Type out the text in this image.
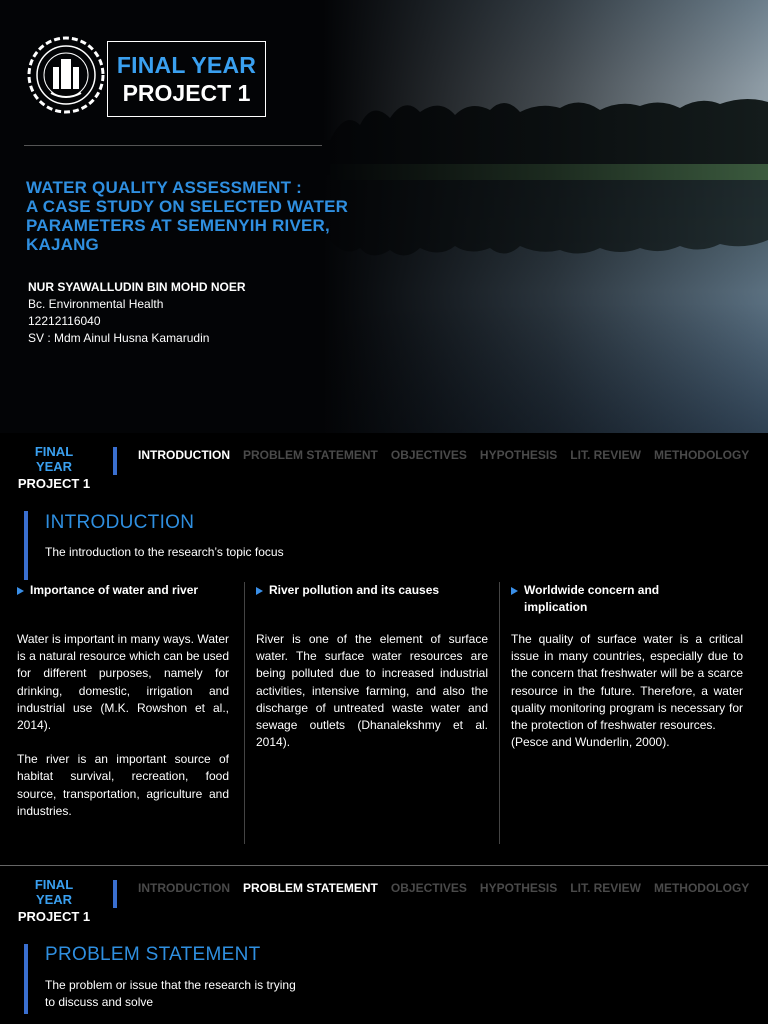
FINAL YEAR
PROJECT 1
WATER QUALITY ASSESSMENT :
A CASE STUDY ON SELECTED WATER
PARAMETERS AT SEMENYIH RIVER,
KAJANG
NUR SYAWALLUDIN BIN MOHD NOER
Bc. Environmental Health
12212116040
SV : Mdm Ainul Husna Kamarudin
FINAL YEAR
PROJECT 1
INTRODUCTION PROBLEM STATEMENT OBJECTIVES HYPOTHESIS LIT. REVIEW METHODOLOGY
INTRODUCTION
The introduction to the research’s topic focus
Importance of water and river
Water is important in many ways. Water is a natural resource which can be used for different purposes, namely for drinking, domestic, irrigation and industrial use (M.K. Rowshon et al., 2014).
The river is an important source of habitat survival, recreation, food source, transportation, agriculture and industries.
River pollution and its causes
River is one of the element of surface water. The surface water resources are being polluted due to increased industrial activities, intensive farming, and also the discharge of untreated waste water and sewage outlets (Dhanalekshmy et al. 2014).
Worldwide concern and
implication
The quality of surface water is a critical issue in many countries, especially due to the concern that freshwater will be a scarce resource in the future. Therefore, a water quality monitoring program is necessary for the protection of freshwater resources.
(Pesce and Wunderlin, 2000).
FINAL YEAR
PROJECT 1
INTRODUCTION PROBLEM STATEMENT OBJECTIVES HYPOTHESIS LIT. REVIEW METHODOLOGY
PROBLEM STATEMENT
The problem or issue that the research is trying
to discuss and solve
